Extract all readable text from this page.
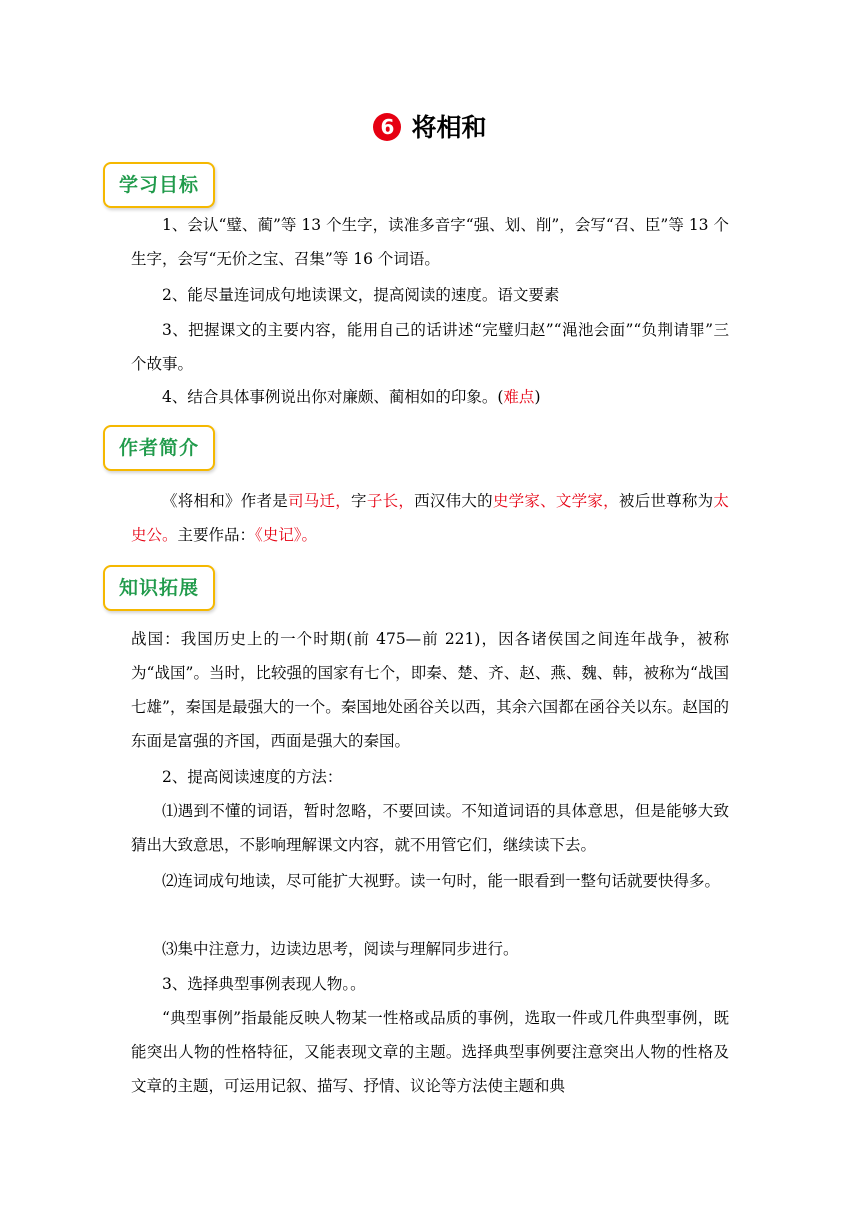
6 将相和
学习目标

1、会认“璧、蔺”等 13 个生字，读准多音字“强、划、削”，会写“召、臣”等 13 个生字，会写“无价之宝、召集”等 16 个词语。

2、能尽量连词成句地读课文，提高阅读的速度。语文要素

3、把握课文的主要内容，能用自己的话讲述“完璧归赵”“渑池会面”“负荆请罪”三个故事。

4、结合具体事例说出你对廉颇、蔺相如的印象。(难点)

作者简介

《将相和》作者是司马迁，字子长，西汉伟大的史学家、文学家，被后世尊称为太史公。主要作品：《史记》。

知识拓展

战国：我国历史上的一个时期(前 475—前 221)，因各诸侯国之间连年战争，被称为“战国”。当时，比较强的国家有七个，即秦、楚、齐、赵、燕、魏、韩，被称为“战国七雄”，秦国是最强大的一个。秦国地处函谷关以西，其余六国都在函谷关以东。赵国的东面是富强的齐国，西面是强大的秦国。

2、提高阅读速度的方法：

⑴遇到不懂的词语，暂时忽略，不要回读。不知道词语的具体意思，但是能够大致猜出大致意思，不影响理解课文内容，就不用管它们，继续读下去。

⑵连词成句地读，尽可能扩大视野。读一句时，能一眼看到一整句话就要快得多。

⑶集中注意力，边读边思考，阅读与理解同步进行。

3、选择典型事例表现人物。。

“典型事例”指最能反映人物某一性格或品质的事例，选取一件或几件典型事例，既能突出人物的性格特征，又能表现文章的主题。选择典型事例要注意突出人物的性格及文章的主题，可运用记叙、描写、抒情、议论等方法使主题和典
